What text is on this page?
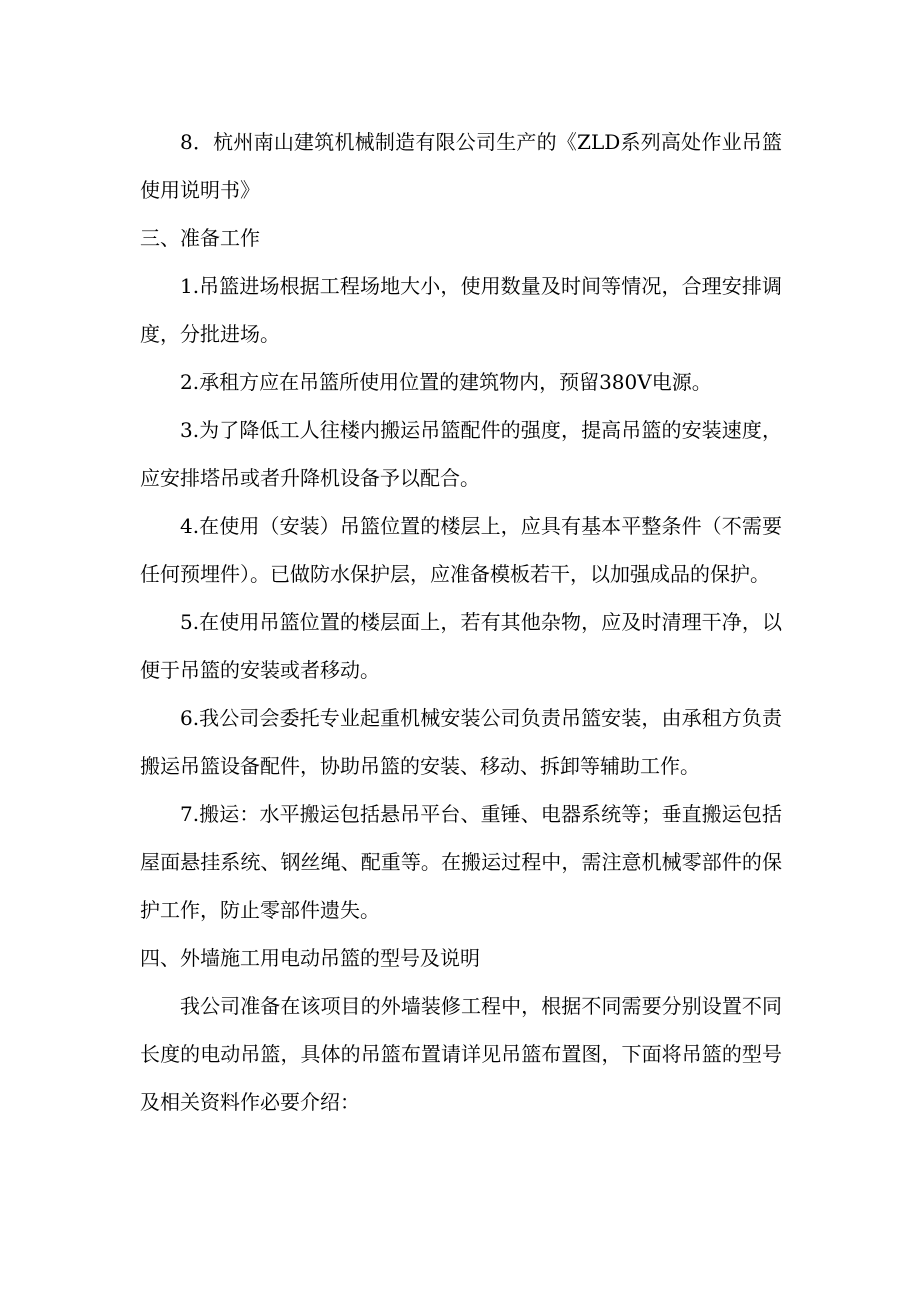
8．杭州南山建筑机械制造有限公司生产的《ZLD系列高处作业吊篮使用说明书》

三、准备工作

1.吊篮进场根据工程场地大小，使用数量及时间等情况，合理安排调度，分批进场。

2.承租方应在吊篮所使用位置的建筑物内，预留380V电源。

3.为了降低工人往楼内搬运吊篮配件的强度，提高吊篮的安装速度，应安排塔吊或者升降机设备予以配合。

4.在使用（安装）吊篮位置的楼层上，应具有基本平整条件（不需要任何预埋件）。已做防水保护层，应准备模板若干，以加强成品的保护。

5.在使用吊篮位置的楼层面上，若有其他杂物，应及时清理干净，以便于吊篮的安装或者移动。

6.我公司会委托专业起重机械安装公司负责吊篮安装，由承租方负责搬运吊篮设备配件，协助吊篮的安装、移动、拆卸等辅助工作。

7.搬运：水平搬运包括悬吊平台、重锤、电器系统等；垂直搬运包括屋面悬挂系统、钢丝绳、配重等。在搬运过程中，需注意机械零部件的保护工作，防止零部件遗失。

四、外墙施工用电动吊篮的型号及说明

我公司准备在该项目的外墙装修工程中，根据不同需要分别设置不同长度的电动吊篮，具体的吊篮布置请详见吊篮布置图，下面将吊篮的型号及相关资料作必要介绍：
